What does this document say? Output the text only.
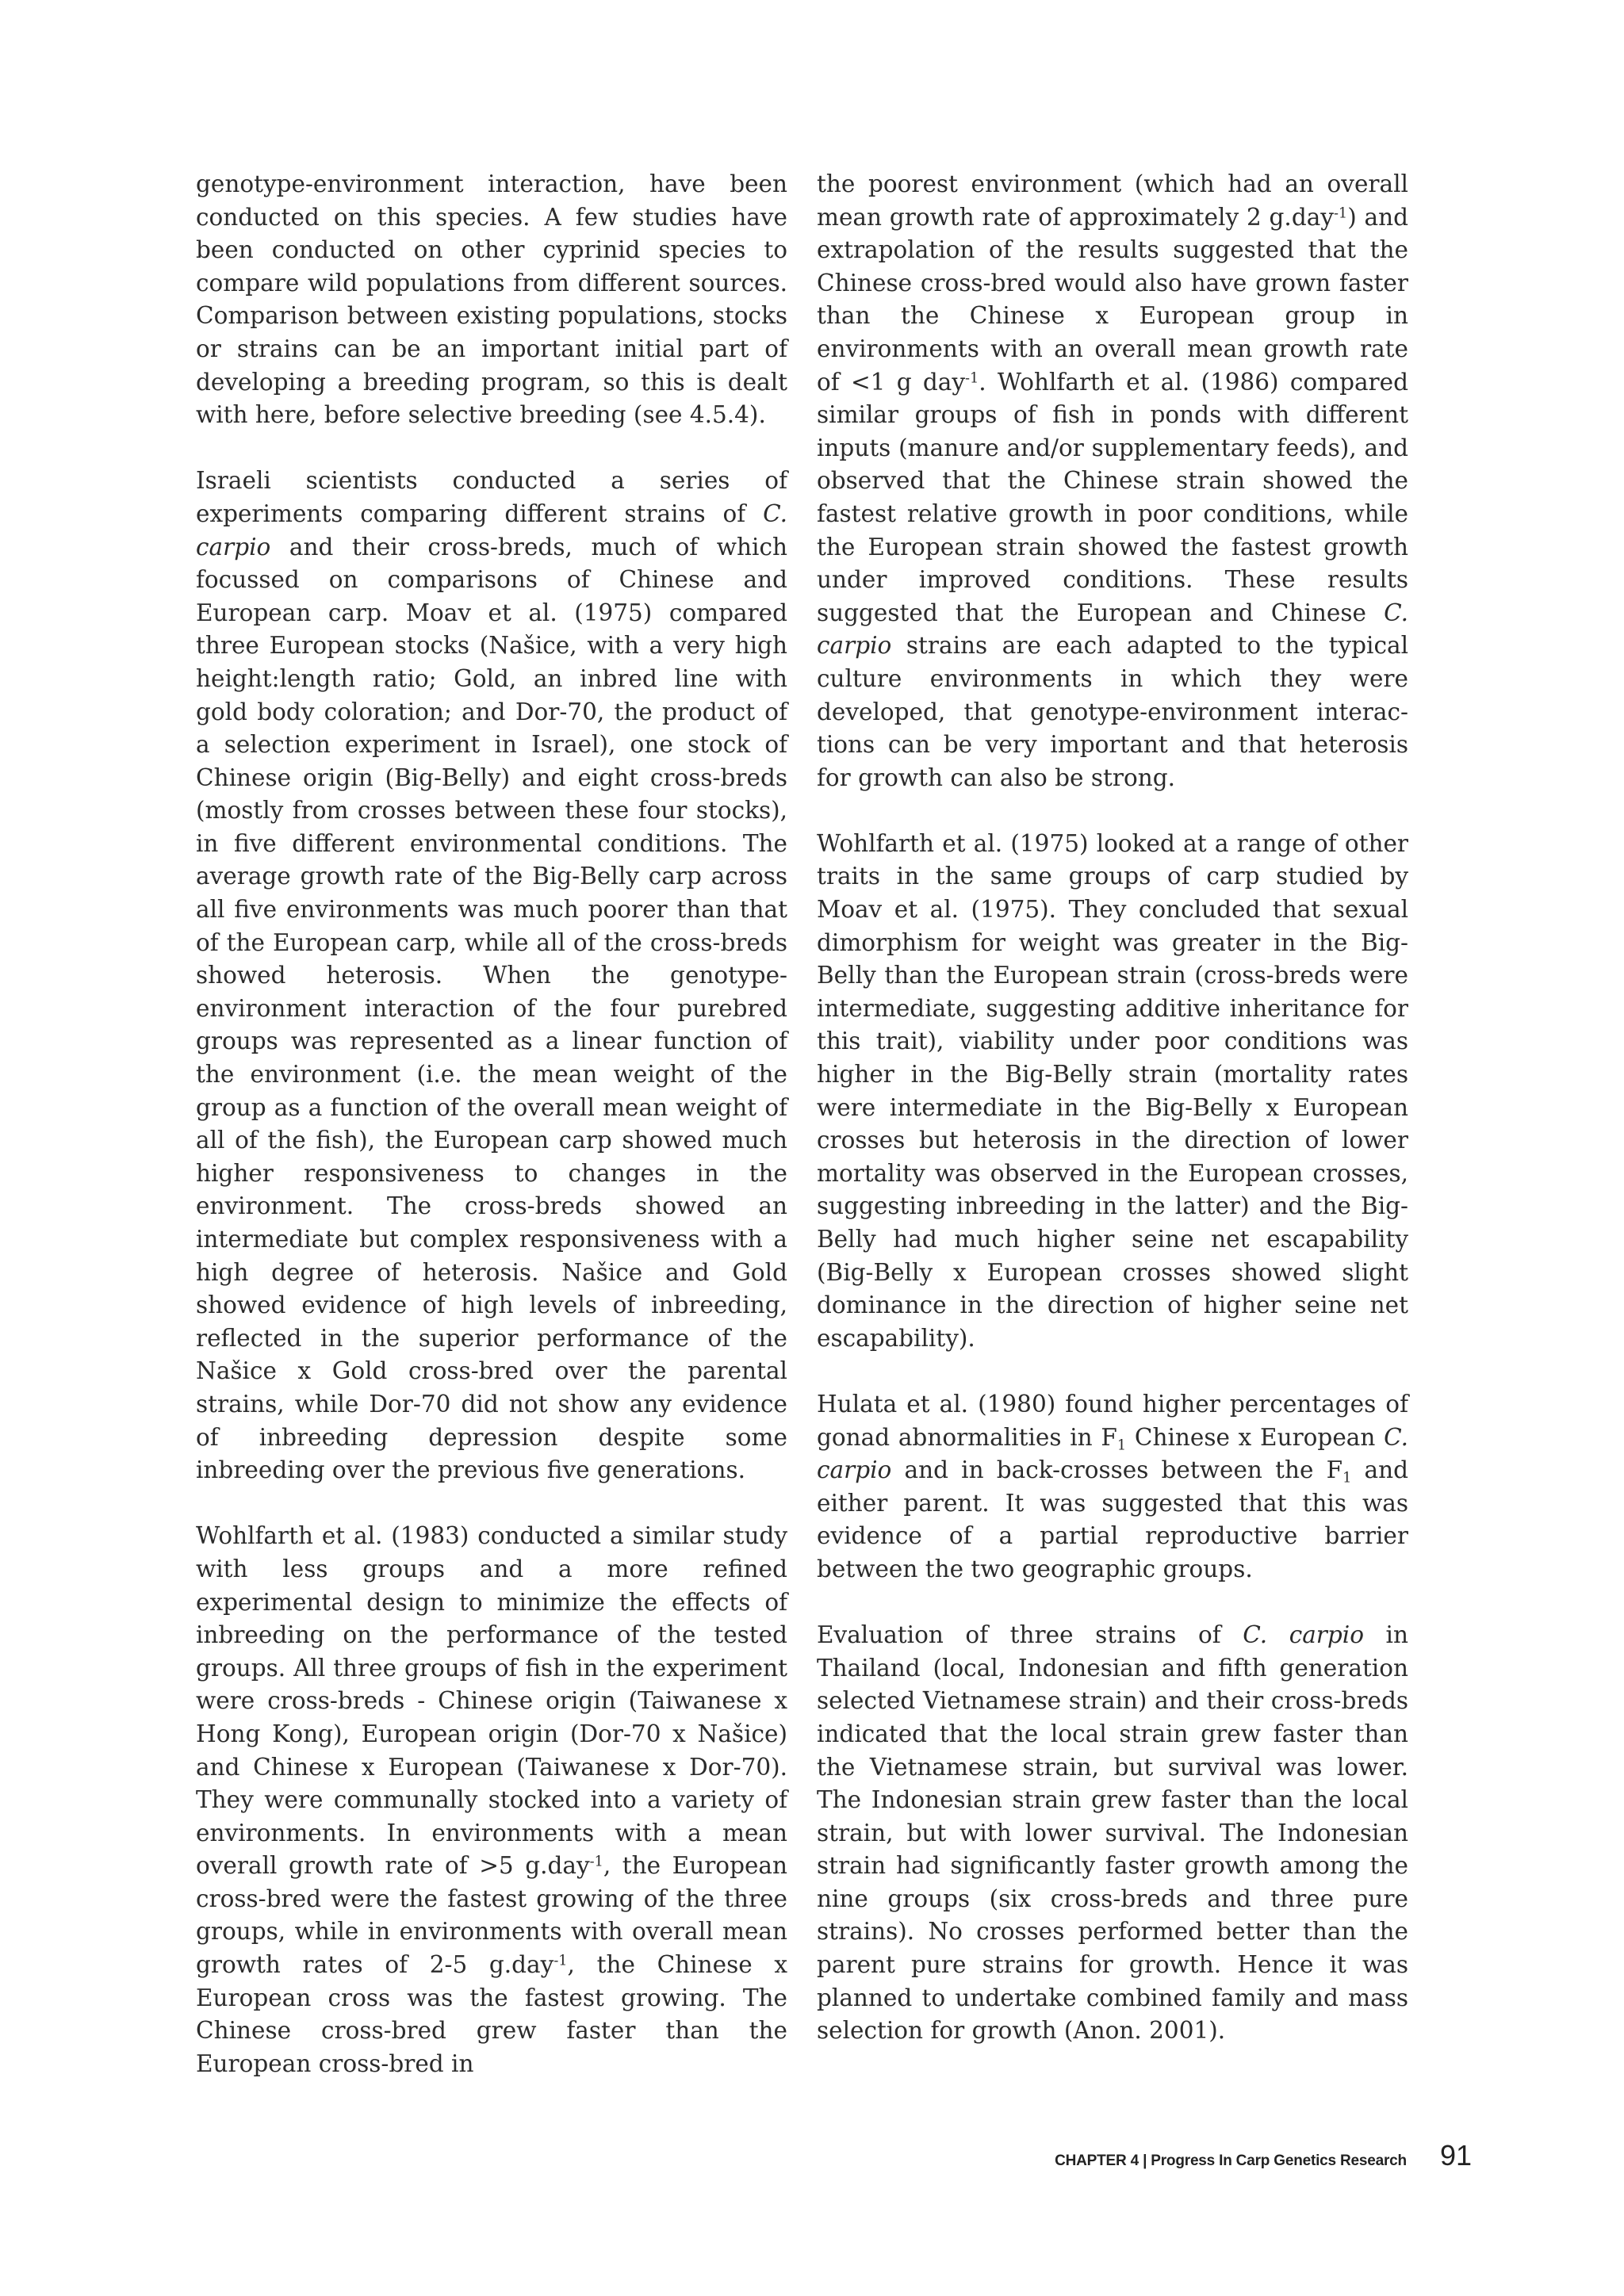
genotype-environment interaction, have been conducted on this species. A few studies have been conducted on other cyprinid species to compare wild populations from different sources. Comparison between existing populations, stocks or strains can be an important initial part of developing a breeding program, so this is dealt with here, before selective breeding (see 4.5.4).

Israeli scientists conducted a series of experiments comparing different strains of C. carpio and their cross-breds, much of which focussed on comparisons of Chinese and European carp. Moav et al. (1975) compared three European stocks (Našice, with a very high height:length ratio; Gold, an inbred line with gold body coloration; and Dor-70, the product of a selection experiment in Israel), one stock of Chinese origin (Big-Belly) and eight cross-breds (mostly from crosses between these four stocks), in five different environmental conditions. The average growth rate of the Big-Belly carp across all five environments was much poorer than that of the European carp, while all of the cross-breds showed heterosis. When the genotype-environment interaction of the four purebred groups was represented as a linear function of the environment (i.e. the mean weight of the group as a function of the overall mean weight of all of the fish), the European carp showed much higher responsiveness to changes in the environment. The cross-breds showed an intermediate but complex responsiveness with a high degree of heterosis. Našice and Gold showed evidence of high levels of inbreeding, reflected in the superior performance of the Našice x Gold cross-bred over the parental strains, while Dor-70 did not show any evidence of inbreeding depression despite some inbreeding over the previous five generations.

Wohlfarth et al. (1983) conducted a similar study with less groups and a more refined experimental design to minimize the effects of inbreeding on the performance of the tested groups. All three groups of fish in the experiment were cross-breds - Chinese origin (Taiwanese x Hong Kong), European origin (Dor-70 x Našice) and Chinese x European (Taiwanese x Dor-70). They were communally stocked into a variety of environments. In environments with a mean overall growth rate of >5 g.day$^{-1}$, the European cross-bred were the fastest growing of the three groups, while in environments with overall mean growth rates of 2-5 g.day$^{-1}$, the Chinese x European cross was the fastest growing. The Chinese cross-bred grew faster than the European cross-bred in

the poorest environment (which had an overall mean growth rate of approximately 2 g.day$^{-1}$) and extrapolation of the results suggested that the Chinese cross-bred would also have grown faster than the Chinese x European group in environments with an overall mean growth rate of <1 g day$^{-1}$. Wohlfarth et al. (1986) compared similar groups of fish in ponds with different inputs (manure and/or supplementary feeds), and observed that the Chinese strain showed the fastest relative growth in poor conditions, while the European strain showed the fastest growth under improved conditions. These results suggested that the European and Chinese C. carpio strains are each adapted to the typical culture environments in which they were developed, that genotype-environment interac-tions can be very important and that heterosis for growth can also be strong.

Wohlfarth et al. (1975) looked at a range of other traits in the same groups of carp studied by Moav et al. (1975). They concluded that sexual dimorphism for weight was greater in the Big-Belly than the European strain (cross-breds were intermediate, suggesting additive inheritance for this trait), viability under poor conditions was higher in the Big-Belly strain (mortality rates were intermediate in the Big-Belly x European crosses but heterosis in the direction of lower mortality was observed in the European crosses, suggesting inbreeding in the latter) and the Big-Belly had much higher seine net escapability (Big-Belly x European crosses showed slight dominance in the direction of higher seine net escapability).

Hulata et al. (1980) found higher percentages of gonad abnormalities in $F_1$ Chinese x European C. carpio and in back-crosses between the $F_1$ and either parent. It was suggested that this was evidence of a partial reproductive barrier between the two geographic groups.

Evaluation of three strains of C. carpio in Thailand (local, Indonesian and fifth generation selected Vietnamese strain) and their cross-breds indicated that the local strain grew faster than the Vietnamese strain, but survival was lower. The Indonesian strain grew faster than the local strain, but with lower survival. The Indonesian strain had significantly faster growth among the nine groups (six cross-breds and three pure strains). No crosses performed better than the parent pure strains for growth. Hence it was planned to undertake combined family and mass selection for growth (Anon. 2001).

CHAPTER 4 | Progress In Carp Genetics Research 91
